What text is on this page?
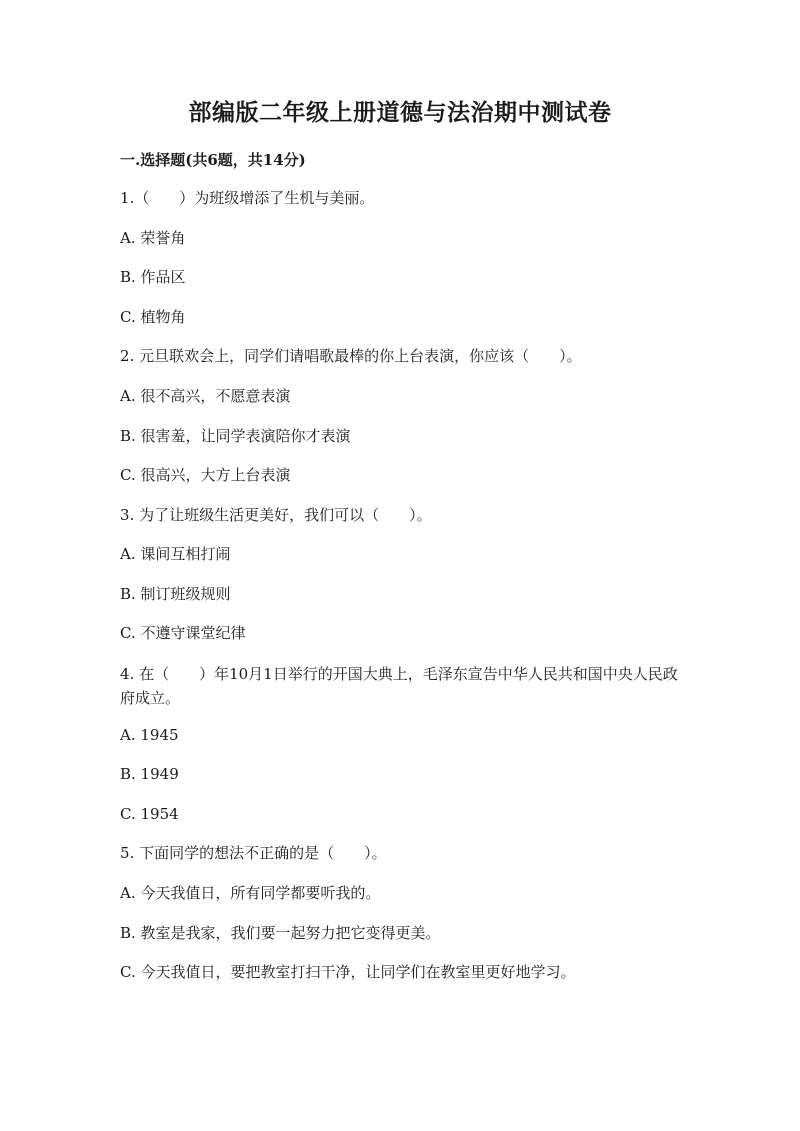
部编版二年级上册道德与法治期中测试卷
一.选择题(共6题，共14分)
1.（　　）为班级增添了生机与美丽。
A. 荣誉角
B. 作品区
C. 植物角
2. 元旦联欢会上，同学们请唱歌最棒的你上台表演，你应该（　　）。
A. 很不高兴，不愿意表演
B. 很害羞，让同学表演陪你才表演
C. 很高兴，大方上台表演
3. 为了让班级生活更美好，我们可以（　　）。
A. 课间互相打闹
B. 制订班级规则
C. 不遵守课堂纪律
4. 在（　　）年10月1日举行的开国大典上，毛泽东宣告中华人民共和国中央人民政府成立。
A. 1945
B. 1949
C. 1954
5. 下面同学的想法不正确的是（　　）。
A. 今天我值日，所有同学都要听我的。
B. 教室是我家，我们要一起努力把它变得更美。
C. 今天我值日，要把教室打扫干净，让同学们在教室里更好地学习。
